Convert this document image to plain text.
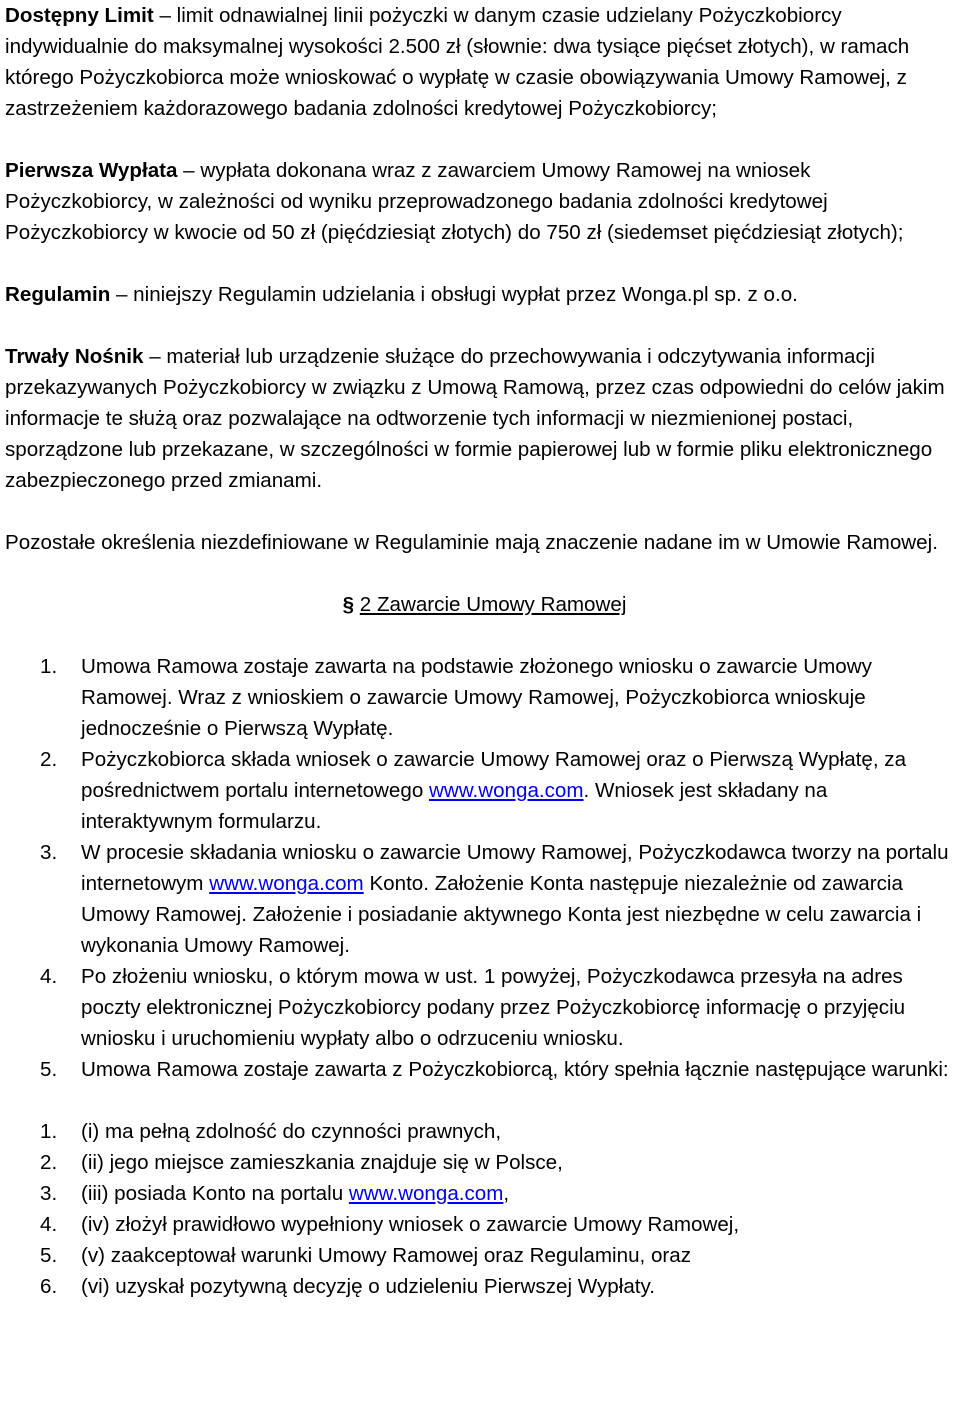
Dostępny Limit – limit odnawialnej linii pożyczki w danym czasie udzielany Pożyczkobiorcy indywidualnie do maksymalnej wysokości 2.500 zł (słownie: dwa tysiące pięćset złotych), w ramach którego Pożyczkobiorca może wnioskować o wypłatę w czasie obowiązywania Umowy Ramowej, z zastrzeżeniem każdorazowego badania zdolności kredytowej Pożyczkobiorcy;

Pierwsza Wypłata – wypłata dokonana wraz z zawarciem Umowy Ramowej na wniosek Pożyczkobiorcy, w zależności od wyniku przeprowadzonego badania zdolności kredytowej Pożyczkobiorcy w kwocie od 50 zł (pięćdziesiąt złotych) do 750 zł (siedemset pięćdziesiąt złotych);

Regulamin – niniejszy Regulamin udzielania i obsługi wypłat przez Wonga.pl sp. z o.o.

Trwały Nośnik – materiał lub urządzenie służące do przechowywania i odczytywania informacji przekazywanych Pożyczkobiorcy w związku z Umową Ramową, przez czas odpowiedni do celów jakim informacje te służą oraz pozwalające na odtworzenie tych informacji w niezmienionej postaci, sporządzone lub przekazane, w szczególności w formie papierowej lub w formie pliku elektronicznego zabezpieczonego przed zmianami.

Pozostałe określenia niezdefiniowane w Regulaminie mają znaczenie nadane im w Umowie Ramowej.

§ 2 Zawarcie Umowy Ramowej

1. Umowa Ramowa zostaje zawarta na podstawie złożonego wniosku o zawarcie Umowy Ramowej. Wraz z wnioskiem o zawarcie Umowy Ramowej, Pożyczkobiorca wnioskuje jednocześnie o Pierwszą Wypłatę.
2. Pożyczkobiorca składa wniosek o zawarcie Umowy Ramowej oraz o Pierwszą Wypłatę, za pośrednictwem portalu internetowego www.wonga.com. Wniosek jest składany na interaktywnym formularzu.
3. W procesie składania wniosku o zawarcie Umowy Ramowej, Pożyczkodawca tworzy na portalu internetowym www.wonga.com Konto. Założenie Konta następuje niezależnie od zawarcia Umowy Ramowej. Założenie i posiadanie aktywnego Konta jest niezbędne w celu zawarcia i wykonania Umowy Ramowej.
4. Po złożeniu wniosku, o którym mowa w ust. 1 powyżej, Pożyczkodawca przesyła na adres poczty elektronicznej Pożyczkobiorcy podany przez Pożyczkobiorcę informację o przyjęciu wniosku i uruchomieniu wypłaty albo o odrzuceniu wniosku.
5. Umowa Ramowa zostaje zawarta z Pożyczkobiorcą, który spełnia łącznie następujące warunki:
1. (i) ma pełną zdolność do czynności prawnych,
2. (ii) jego miejsce zamieszkania znajduje się w Polsce,
3. (iii) posiada Konto na portalu www.wonga.com,
4. (iv) złożył prawidłowo wypełniony wniosek o zawarcie Umowy Ramowej,
5. (v) zaakceptował warunki Umowy Ramowej oraz Regulaminu, oraz
6. (vi) uzyskał pozytywną decyzję o udzieleniu Pierwszej Wypłaty.
